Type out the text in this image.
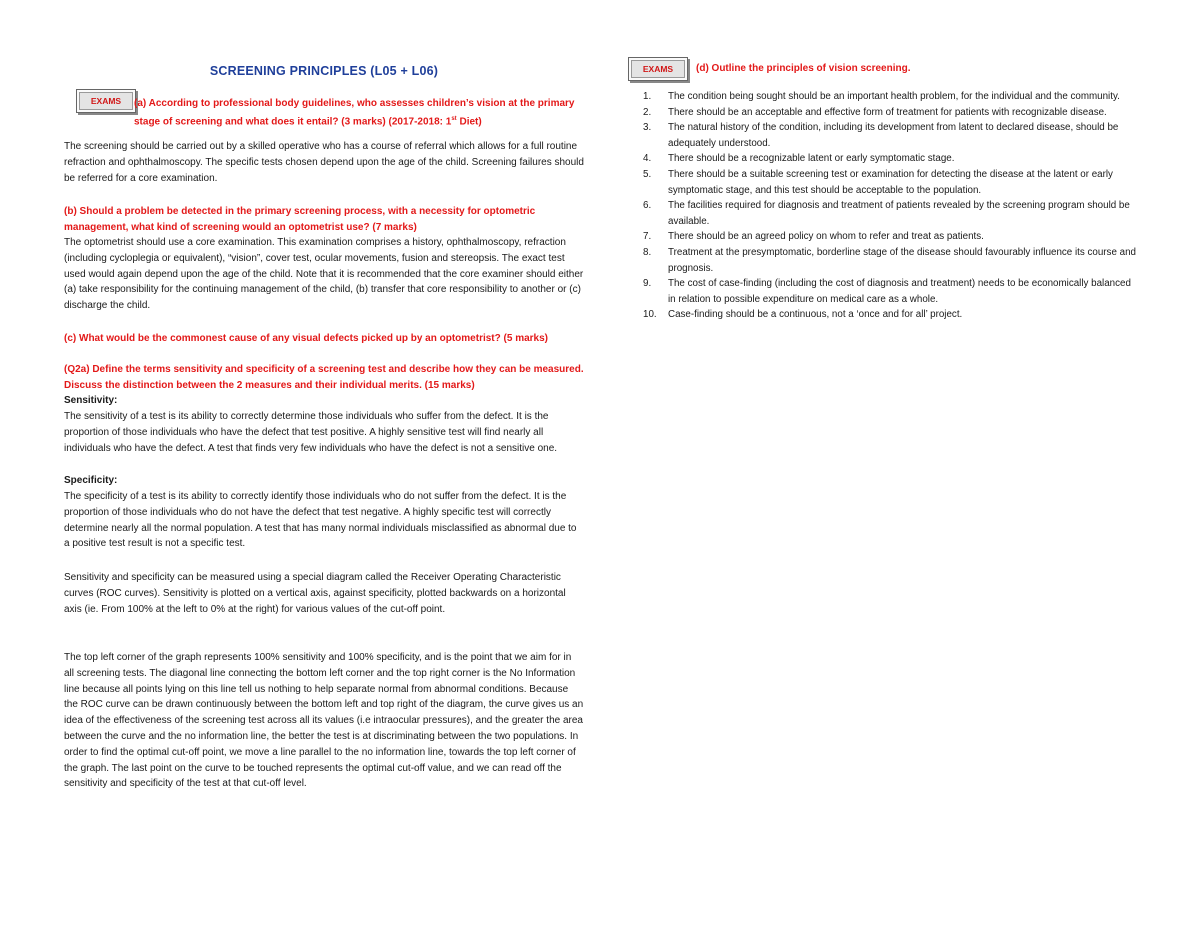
SCREENING PRINCIPLES (L05 + L06)
EXAMS	(a) According to professional body guidelines, who assesses children’s vision at the primary stage of screening and what does it entail? (3 marks) (2017-2018: 1st Diet)
The screening should be carried out by a skilled operative who has a course of referral which allows for a full routine refraction and ophthalmoscopy. The specific tests chosen depend upon the age of the child. Screening failures should be referred for a core examination.
(b) Should a problem be detected in the primary screening process, with a necessity for optometric management, what kind of screening would an optometrist use? (7 marks)
The optometrist should use a core examination. This examination comprises a history, ophthalmoscopy, refraction (including cycloplegia or equivalent), “vision”, cover test, ocular movements, fusion and stereopsis. The exact test used would again depend upon the age of the child. Note that it is recommended that the core examiner should either (a) take responsibility for the continuing management of the child, (b) transfer that core responsibility to another or (c) discharge the child.
(c) What would be the commonest cause of any visual defects picked up by an optometrist? (5 marks)
(Q2a) Define the terms sensitivity and specificity of a screening test and describe how they can be measured. Discuss the distinction between the 2 measures and their individual merits. (15 marks)
Sensitivity:
The sensitivity of a test is its ability to correctly determine those individuals who suffer from the defect. It is the proportion of those individuals who have the defect that test positive. A highly sensitive test will find nearly all individuals who have the defect. A test that finds very few individuals who have the defect is not a sensitive one.
Specificity:
The specificity of a test is its ability to correctly identify those individuals who do not suffer from the defect. It is the proportion of those individuals who do not have the defect that test negative. A highly specific test will correctly determine nearly all the normal population. A test that has many normal individuals misclassified as abnormal due to a positive test result is not a specific test.
Sensitivity and specificity can be measured using a special diagram called the Receiver Operating Characteristic curves (ROC curves). Sensitivity is plotted on a vertical axis, against specificity, plotted backwards on a horizontal axis (ie. From 100% at the left to 0% at the right) for various values of the cut-off point.
The top left corner of the graph represents 100% sensitivity and 100% specificity, and is the point that we aim for in all screening tests. The diagonal line connecting the bottom left corner and the top right corner is the No Information line because all points lying on this line tell us nothing to help separate normal from abnormal conditions. Because the ROC curve can be drawn continuously between the bottom left and top right of the diagram, the curve gives us an idea of the effectiveness of the screening test across all its values (i.e intraocular pressures), and the greater the area between the curve and the no information line, the better the test is at discriminating between the two populations. In order to find the optimal cut-off point, we move a line parallel to the no information line, towards the top left corner of the graph. The last point on the curve to be touched represents the optimal cut-off value, and we can read off the sensitivity and specificity of the test at that cut-off level.
EXAMS	(d) Outline the principles of vision screening.
1.	The condition being sought should be an important health problem, for the individual and the community.
2.	There should be an acceptable and effective form of treatment for patients with recognizable disease.
3.	The natural history of the condition, including its development from latent to declared disease, should be adequately understood.
4.	There should be a recognizable latent or early symptomatic stage.
5.	There should be a suitable screening test or examination for detecting the disease at the latent or early symptomatic stage, and this test should be acceptable to the population.
6.	The facilities required for diagnosis and treatment of patients revealed by the screening program should be available.
7.	There should be an agreed policy on whom to refer and treat as patients.
8.	Treatment at the presymptomatic, borderline stage of the disease should favourably influence its course and prognosis.
9.	The cost of case-finding (including the cost of diagnosis and treatment) needs to be economically balanced in relation to possible expenditure on medical care as a whole.
10.	Case-finding should be a continuous, not a ‘once and for all’ project.
